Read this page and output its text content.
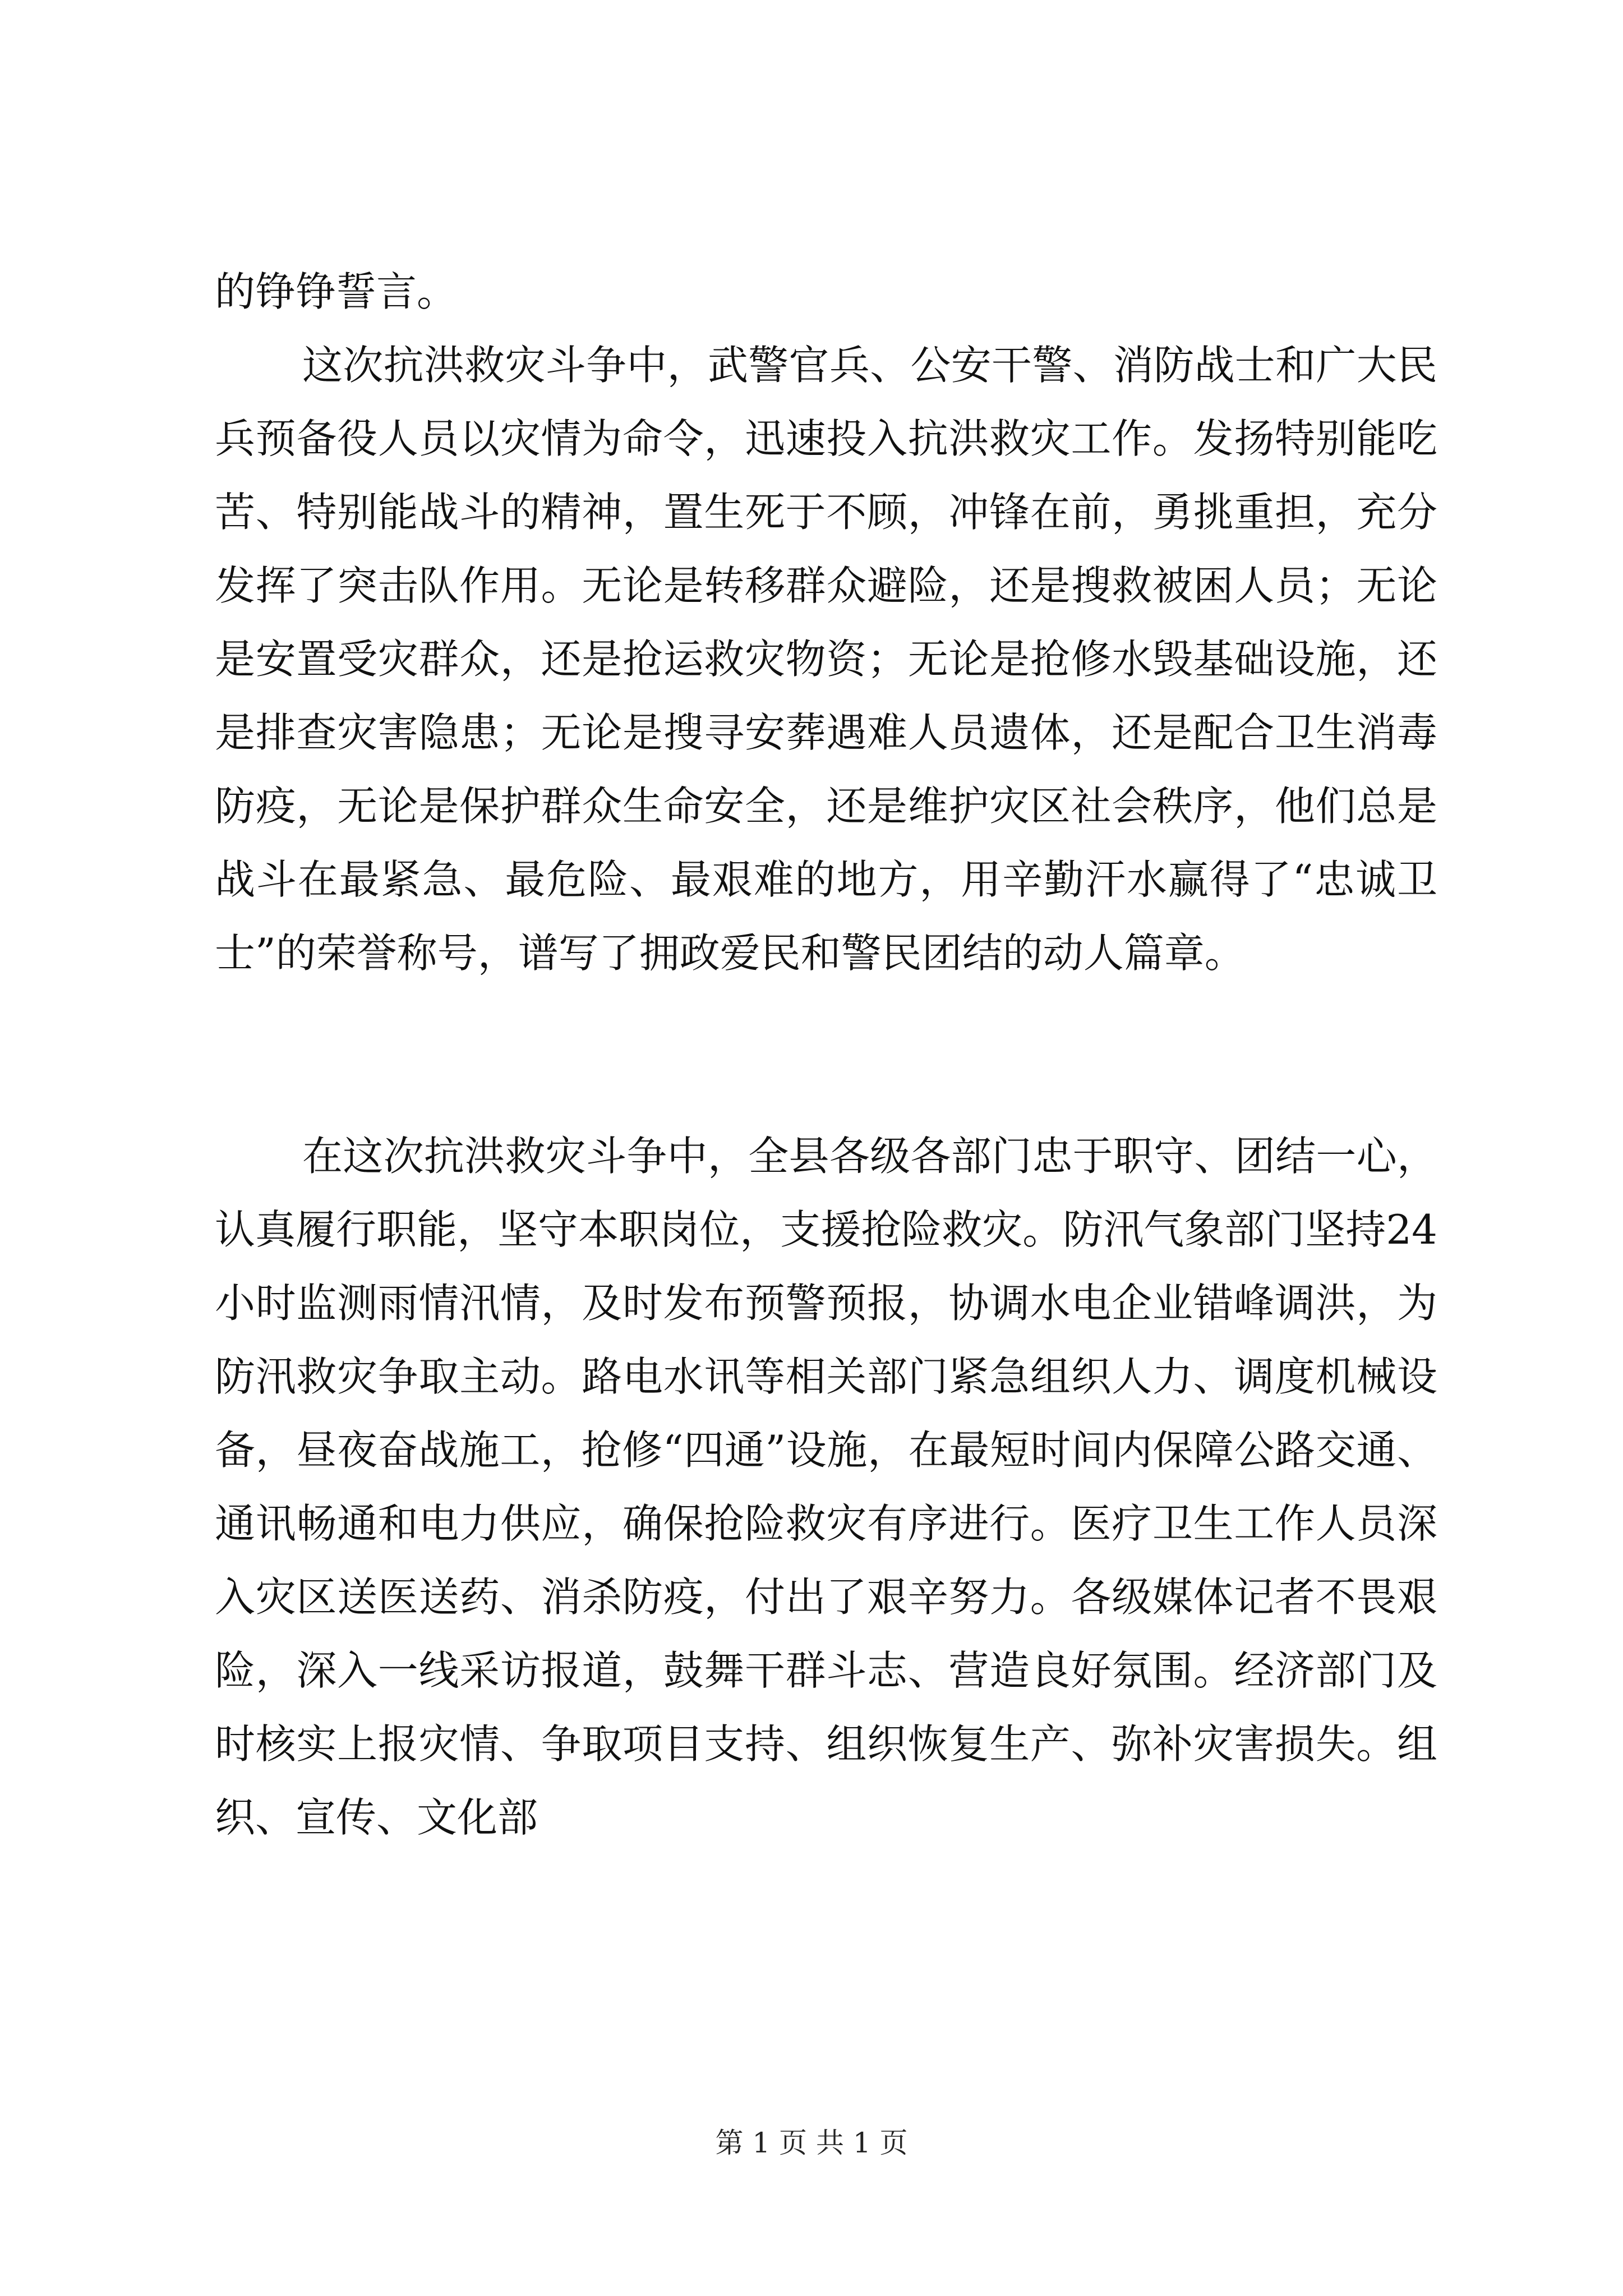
的铮铮誓言。

这次抗洪救灾斗争中，武警官兵、公安干警、消防战士和广大民兵预备役人员以灾情为命令，迅速投入抗洪救灾工作。发扬特别能吃苦、特别能战斗的精神，置生死于不顾，冲锋在前，勇挑重担，充分发挥了突击队作用。无论是转移群众避险，还是搜救被困人员；无论是安置受灾群众，还是抢运救灾物资；无论是抢修水毁基础设施，还是排查灾害隐患；无论是搜寻安葬遇难人员遗体，还是配合卫生消毒防疫，无论是保护群众生命安全，还是维护灾区社会秩序，他们总是战斗在最紧急、最危险、最艰难的地方，用辛勤汗水赢得了“忠诚卫士”的荣誉称号，谱写了拥政爱民和警民团结的动人篇章。

在这次抗洪救灾斗争中，全县各级各部门忠于职守、团结一心，认真履行职能，坚守本职岗位，支援抢险救灾。防汛气象部门坚持24小时监测雨情汛情，及时发布预警预报，协调水电企业错峰调洪，为防汛救灾争取主动。路电水讯等相关部门紧急组织人力、调度机械设备，昼夜奋战施工，抢修“四通”设施，在最短时间内保障公路交通、通讯畅通和电力供应，确保抢险救灾有序进行。医疗卫生工作人员深入灾区送医送药、消杀防疫，付出了艰辛努力。各级媒体记者不畏艰险，深入一线采访报道，鼓舞干群斗志、营造良好氛围。经济部门及时核实上报灾情、争取项目支持、组织恢复生产、弥补灾害损失。组织、宣传、文化部

第 1 页 共 1 页
